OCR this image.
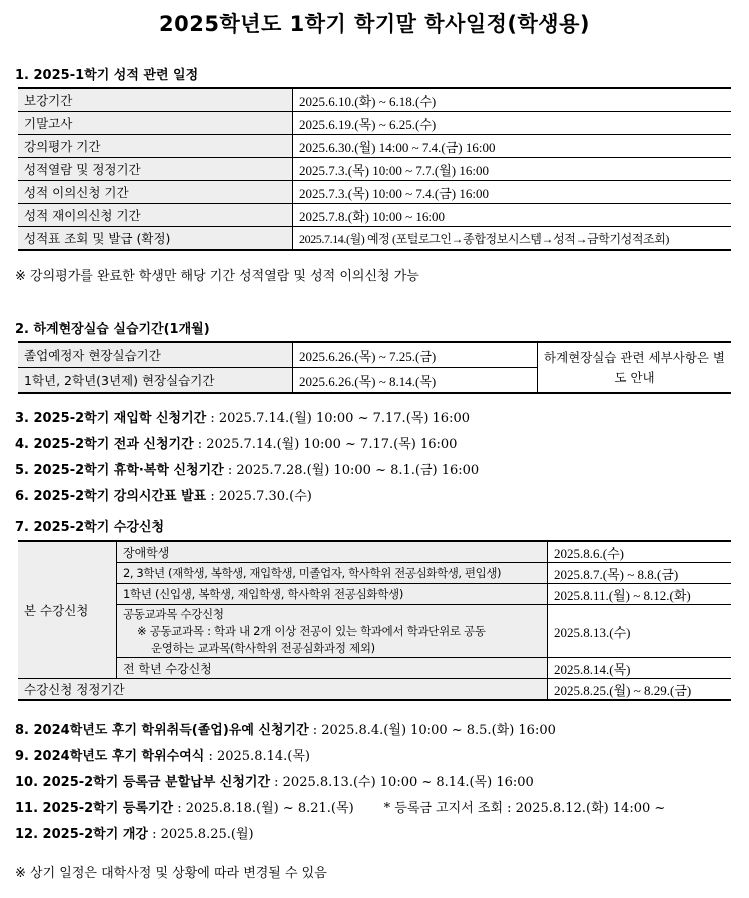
2025학년도 1학기 학기말 학사일정(학생용)
1. 2025-1학기 성적 관련 일정
보강기간	2025.6.10.(화) ~ 6.18.(수)
기말고사	2025.6.19.(목) ~ 6.25.(수)
강의평가 기간	2025.6.30.(월) 14:00 ~ 7.4.(금) 16:00
성적열람 및 정정기간	2025.7.3.(목) 10:00 ~ 7.7.(월) 16:00
성적 이의신청 기간	2025.7.3.(목) 10:00 ~ 7.4.(금) 16:00
성적 재이의신청 기간	2025.7.8.(화) 10:00 ~ 16:00
성적표 조회 및 발급 (확정)	2025.7.14.(월) 예정 (포털로그인→종합정보시스템→성적→금학기성적조회)
※ 강의평가를 완료한 학생만 해당 기간 성적열람 및 성적 이의신청 가능
2. 하계현장실습 실습기간(1개월)
졸업예정자 현장실습기간	2025.6.26.(목) ~ 7.25.(금)	하계현장실습 관련 세부사항은 별도 안내
1학년, 2학년(3년제) 현장실습기간	2025.6.26.(목) ~ 8.14.(목)	
3. 2025-2학기 재입학 신청기간 : 2025.7.14.(월) 10:00 ~ 7.17.(목) 16:00
4. 2025-2학기 전과 신청기간 : 2025.7.14.(월) 10:00 ~ 7.17.(목) 16:00
5. 2025-2학기 휴학·복학 신청기간 : 2025.7.28.(월) 10:00 ~ 8.1.(금) 16:00
6. 2025-2학기 강의시간표 발표 : 2025.7.30.(수)
7. 2025-2학기 수강신청
본 수강신청	장애학생	2025.8.6.(수)
	2, 3학년 (재학생, 복학생, 재입학생, 미졸업자, 학사학위 전공심화학생, 편입생)	2025.8.7.(목) ~ 8.8.(금)
	1학년 (신입생, 복학생, 재입학생, 학사학위 전공심화학생)	2025.8.11.(월) ~ 8.12.(화)
	공동교과목 수강신청
※ 공동교과목 : 학과 내 2개 이상 전공이 있는 학과에서 학과단위로 공동
운영하는 교과목(학사학위 전공심화과정 제외)	2025.8.13.(수)
	전 학년 수강신청	2025.8.14.(목)
수강신청 정정기간		2025.8.25.(월) ~ 8.29.(금)
8. 2024학년도 후기 학위취득(졸업)유예 신청기간 : 2025.8.4.(월) 10:00 ~ 8.5.(화) 16:00
9. 2024학년도 후기 학위수여식 : 2025.8.14.(목)
10. 2025-2학기 등록금 분할납부 신청기간 : 2025.8.13.(수) 10:00 ~ 8.14.(목) 16:00
11. 2025-2학기 등록기간 : 2025.8.18.(월) ~ 8.21.(목) * 등록금 고지서 조회 : 2025.8.12.(화) 14:00 ~
12. 2025-2학기 개강 : 2025.8.25.(월)
※ 상기 일정은 대학사정 및 상황에 따라 변경될 수 있음
